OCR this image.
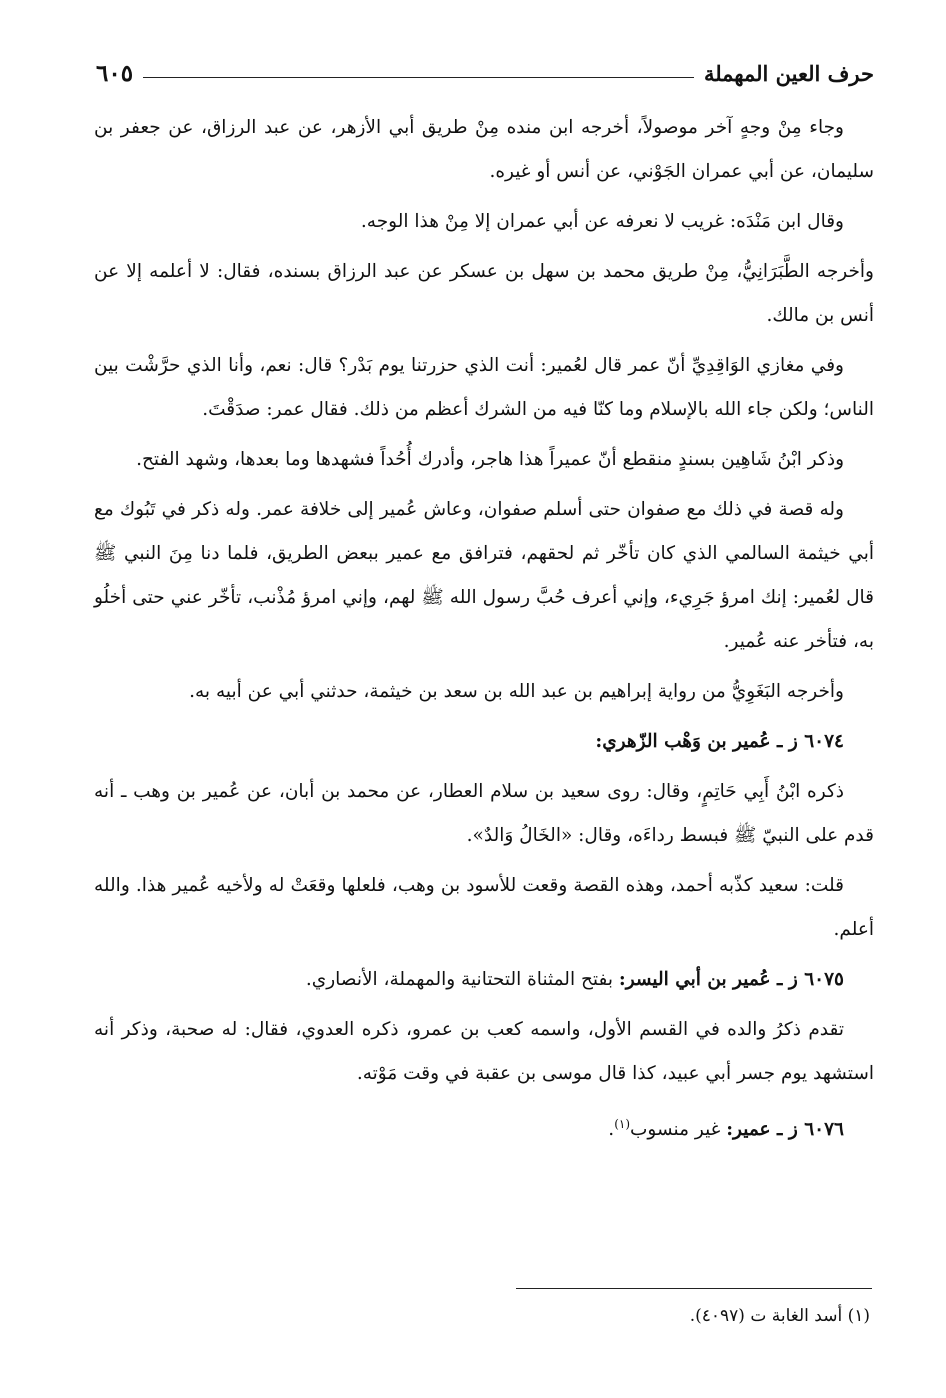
حرف العين المهملة
٦٠٥

وجاء مِنْ وجهٍ آخر موصولاً، أخرجه ابن منده مِنْ طريق أبي الأزهر، عن عبد الرزاق، عن جعفر بن سليمان، عن أبي عمران الجَوْني، عن أنس أو غيره.

وقال ابن مَنْدَه: غريب لا نعرفه عن أبي عمران إلا مِنْ هذا الوجه.

وأخرجه الطَّبَرَانِيُّ، مِنْ طريق محمد بن سهل بن عسكر عن عبد الرزاق بسنده، فقال: لا أعلمه إلا عن أنس بن مالك.

وفي مغازي الوَاقِدِيِّ أنّ عمر قال لعُمير: أنت الذي حزرتنا يوم بَدْر؟ قال: نعم، وأنا الذي حرَّشْت بين الناس؛ ولكن جاء الله بالإسلام وما كنّا فيه من الشرك أعظم من ذلك. فقال عمر: صدَقْتَ.

وذكر ابْنُ شَاهِين بسندٍ منقطع أنّ عميراً هذا هاجر، وأدرك أُحُداً فشهدها وما بعدها، وشهد الفتح.

وله قصة في ذلك مع صفوان حتى أسلم صفوان، وعاش عُمير إلى خلافة عمر. وله ذكر في تَبُوك مع أبي خيثمة السالمي الذي كان تأخّر ثم لحقهم، فترافق مع عمير ببعض الطريق، فلما دنا مِنَ النبي ﷺ قال لعُمير: إنك امرؤ جَرِيء، وإني أعرف حُبَّ رسول الله ﷺ لهم، وإني امرؤ مُذْنب، تأخّر عني حتى أخلُو به، فتأخر عنه عُمير.

وأخرجه البَغَوِيُّ من رواية إبراهيم بن عبد الله بن سعد بن خيثمة، حدثني أبي عن أبيه به.

٦٠٧٤ ز ـ عُمير بن وَهْب الزّهري:

ذكره ابْنُ أَبِي حَاتِمٍ، وقال: روى سعيد بن سلام العطار، عن محمد بن أبان، عن عُمير بن وهب ـ أنه قدم على النبيّ ﷺ فبسط رداءَه، وقال: «الخَالُ وَالدٌ».

قلت: سعيد كذّبه أحمد، وهذه القصة وقعت للأسود بن وهب، فلعلها وقعَتْ له ولأخيه عُمير هذا. والله أعلم.

٦٠٧٥ ز ـ عُمير بن أبي اليسر: بفتح المثناة التحتانية والمهملة، الأنصاري.

تقدم ذكرُ والده في القسم الأول، واسمه كعب بن عمرو، ذكره العدوي، فقال: له صحبة، وذكر أنه استشهد يوم جسر أبي عبيد، كذا قال موسى بن عقبة في وقت مَوْته.

٦٠٧٦ ز ـ عمير: غير منسوب$^{(١)}$.

(١) أسد الغابة ت (٤٠٩٧).
